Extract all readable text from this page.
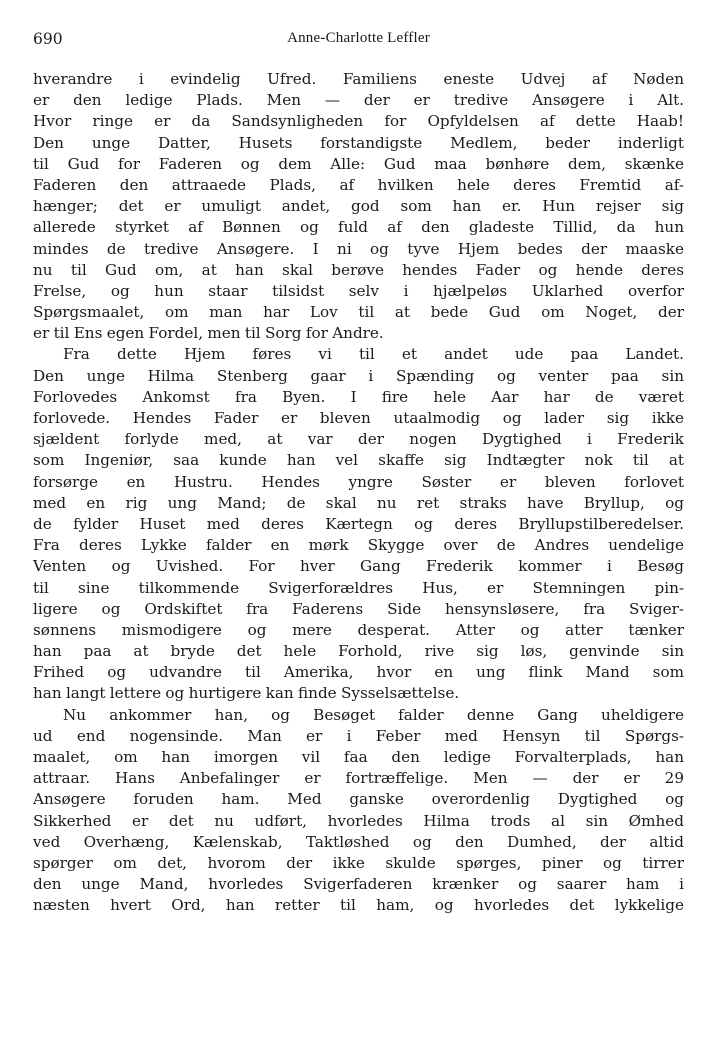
690	Anne-Charlotte Leffler
hverandre i evindelig Ufred. Familiens eneste Udvej af Nøden
er den ledige Plads. Men — der er tredive Ansøgere i Alt.
Hvor ringe er da Sandsynligheden for Opfyldelsen af dette Haab!
Den unge Datter, Husets forstandigste Medlem, beder inderligt
til Gud for Faderen og dem Alle: Gud maa bønhøre dem, skænke
Faderen den attraaede Plads, af hvilken hele deres Fremtid af-
hænger; det er umuligt andet, god som han er. Hun rejser sig
allerede styrket af Bønnen og fuld af den gladeste Tillid, da hun
mindes de tredive Ansøgere. I ni og tyve Hjem bedes der maaske
nu til Gud om, at han skal berøve hendes Fader og hende deres
Frelse, og hun staar tilsidst selv i hjælpeløs Uklarhed overfor
Spørgsmaalet, om man har Lov til at bede Gud om Noget, der
er til Ens egen Fordel, men til Sorg for Andre.
Fra dette Hjem føres vi til et andet ude paa Landet.
Den unge Hilma Stenberg gaar i Spænding og venter paa sin
Forlovedes Ankomst fra Byen. I fire hele Aar har de været
forlovede. Hendes Fader er bleven utaalmodig og lader sig ikke
sjældent forlyde med, at var der nogen Dygtighed i Frederik
som Ingeniør, saa kunde han vel skaffe sig Indtægter nok til at
forsørge en Hustru. Hendes yngre Søster er bleven forlovet
med en rig ung Mand; de skal nu ret straks have Bryllup, og
de fylder Huset med deres Kærtegn og deres Bryllupstilberedelser.
Fra deres Lykke falder en mørk Skygge over de Andres uendelige
Venten og Uvished. For hver Gang Frederik kommer i Besøg
til sine tilkommende Svigerforældres Hus, er Stemningen pin-
ligere og Ordskiftet fra Faderens Side hensynsløsere, fra Sviger-
sønnens mismodigere og mere desperat. Atter og atter tænker
han paa at bryde det hele Forhold, rive sig løs, genvinde sin
Frihed og udvandre til Amerika, hvor en ung flink Mand som
han langt lettere og hurtigere kan finde Sysselsættelse.
Nu ankommer han, og Besøget falder denne Gang uheldigere
ud end nogensinde. Man er i Feber med Hensyn til Spørgs-
maalet, om han imorgen vil faa den ledige Forvalterplads, han
attraar. Hans Anbefalinger er fortræffelige. Men — der er 29
Ansøgere foruden ham. Med ganske overordenlig Dygtighed og
Sikkerhed er det nu udført, hvorledes Hilma trods al sin Ømhed
ved Overhæng, Kælenskab, Taktløshed og den Dumhed, der altid
spørger om det, hvorom der ikke skulde spørges, piner og tirrer
den unge Mand, hvorledes Svigerfaderen krænker og saarer ham i
næsten hvert Ord, han retter til ham, og hvorledes det lykkelige
